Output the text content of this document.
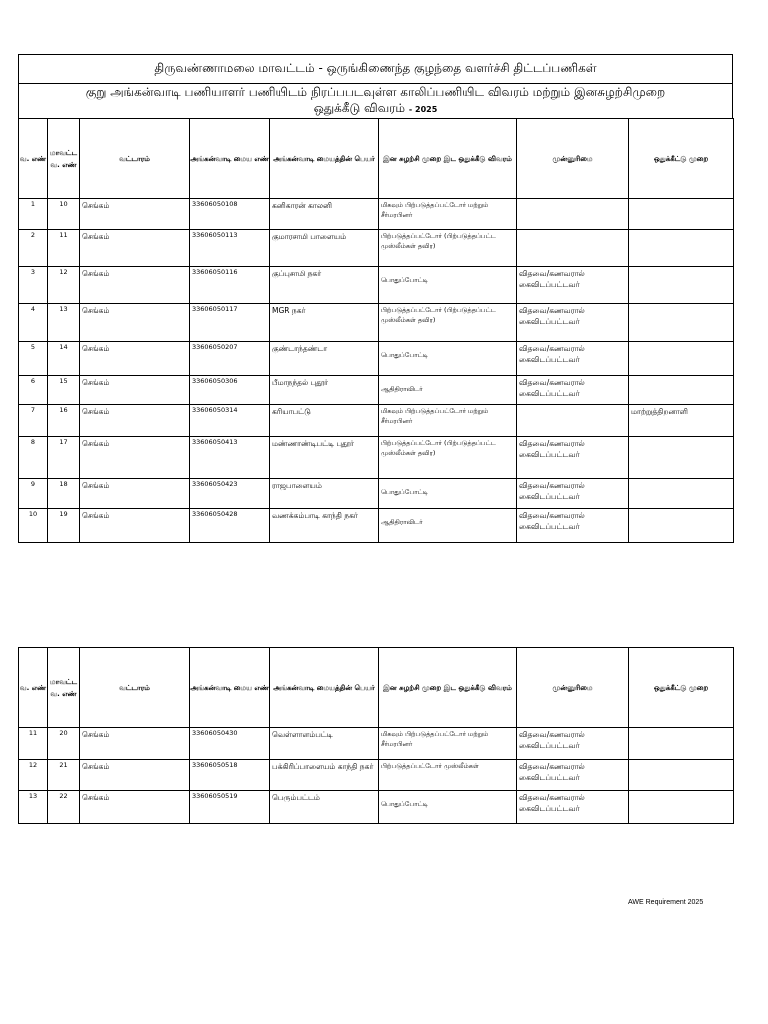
திருவண்ணாமலை மாவட்டம் - ஒருங்கிணைந்த குழந்தை வளர்ச்சி திட்டப்பணிகள்
குறு அங்கன்வாடி பணியாளர் பணியிடம் நிரப்பபடவுள்ள காலிப்பணியிட விவரம் மற்றும் இனசுழற்சிமுறை
ஒதுக்கீடு விவரம் - 2025
வ. எண்	மாவட்ட வ. எண்	வட்டாரம்	அங்கன்வாடி மைய எண்	அங்கன்வாடி மையத்தின் பெயர்	இன சுழற்சி முறை இட ஒதுக்கீடு விவரம்	முன்னுரிமை	ஒதுக்கீட்டு முறை
1	10	செங்கம்	33606050108	கனிகாரன் காலனி	மிகவும் பிற்படுத்தப்பட்டோர் மற்றும் சீர்மரபினர்		
2	11	செங்கம்	33606050113	குமாரசாமி பாளையம்	பிற்படுத்தப்பட்டோர் (பிற்படுத்தப்பட்ட முஸ்லீம்கள் தவிர)		
3	12	செங்கம்	33606050116	குப்புசாமி நகர்	பொதுப்போட்டி	விதவை/கணவரால் கைவிடப்பட்டவர்	
4	13	செங்கம்	33606050117	MGR நகர்	பிற்படுத்தப்பட்டோர் (பிற்படுத்தப்பட்ட முஸ்லீம்கள் தவிர)	விதவை/கணவரால் கைவிடப்பட்டவர்	
5	14	செங்கம்	33606050207	குண்டாந்தண்டா	பொதுப்போட்டி	விதவை/கணவரால் கைவிடப்பட்டவர்	
6	15	செங்கம்	33606050306	பீமாநந்தல் புதூர்	ஆதிதிராவிடர்	விதவை/கணவரால் கைவிடப்பட்டவர்	
7	16	செங்கம்	33606050314	கரியாபட்டு	மிகவும் பிற்படுத்தப்பட்டோர் மற்றும் சீர்மரபினர்		மாற்றுத்திறனாளி
8	17	செங்கம்	33606050413	மண்ணாண்டிபட்டி புதூர்	பிற்படுத்தப்பட்டோர் (பிற்படுத்தப்பட்ட முஸ்லீம்கள் தவிர)	விதவை/கணவரால் கைவிடப்பட்டவர்	
9	18	செங்கம்	33606050423	ராஜபாளையம்	பொதுப்போட்டி	விதவை/கணவரால் கைவிடப்பட்டவர்	
10	19	செங்கம்	33606050428	வணக்கம்பாடி காந்தி நகர்	ஆதிதிராவிடர்	விதவை/கணவரால் கைவிடப்பட்டவர்	
வ. எண்	மாவட்ட வ. எண்	வட்டாரம்	அங்கன்வாடி மைய எண்	அங்கன்வாடி மையத்தின் பெயர்	இன சுழற்சி முறை இட ஒதுக்கீடு விவரம்	முன்னுரிமை	ஒதுக்கீட்டு முறை
11	20	செங்கம்	33606050430	வெள்ளாளம்பட்டி	மிகவும் பிற்படுத்தப்பட்டோர் மற்றும் சீர்மரபினர்	விதவை/கணவரால் கைவிடப்பட்டவர்	
12	21	செங்கம்	33606050518	பக்கிரிப்பாளையம் காந்தி நகர்	பிற்படுத்தப்பட்டோர் முஸ்லீம்கள்	விதவை/கணவரால் கைவிடப்பட்டவர்	
13	22	செங்கம்	33606050519	பெரும்பட்டம்	பொதுப்போட்டி	விதவை/கணவரால் கைவிடப்பட்டவர்	
AWE Requirement 2025
